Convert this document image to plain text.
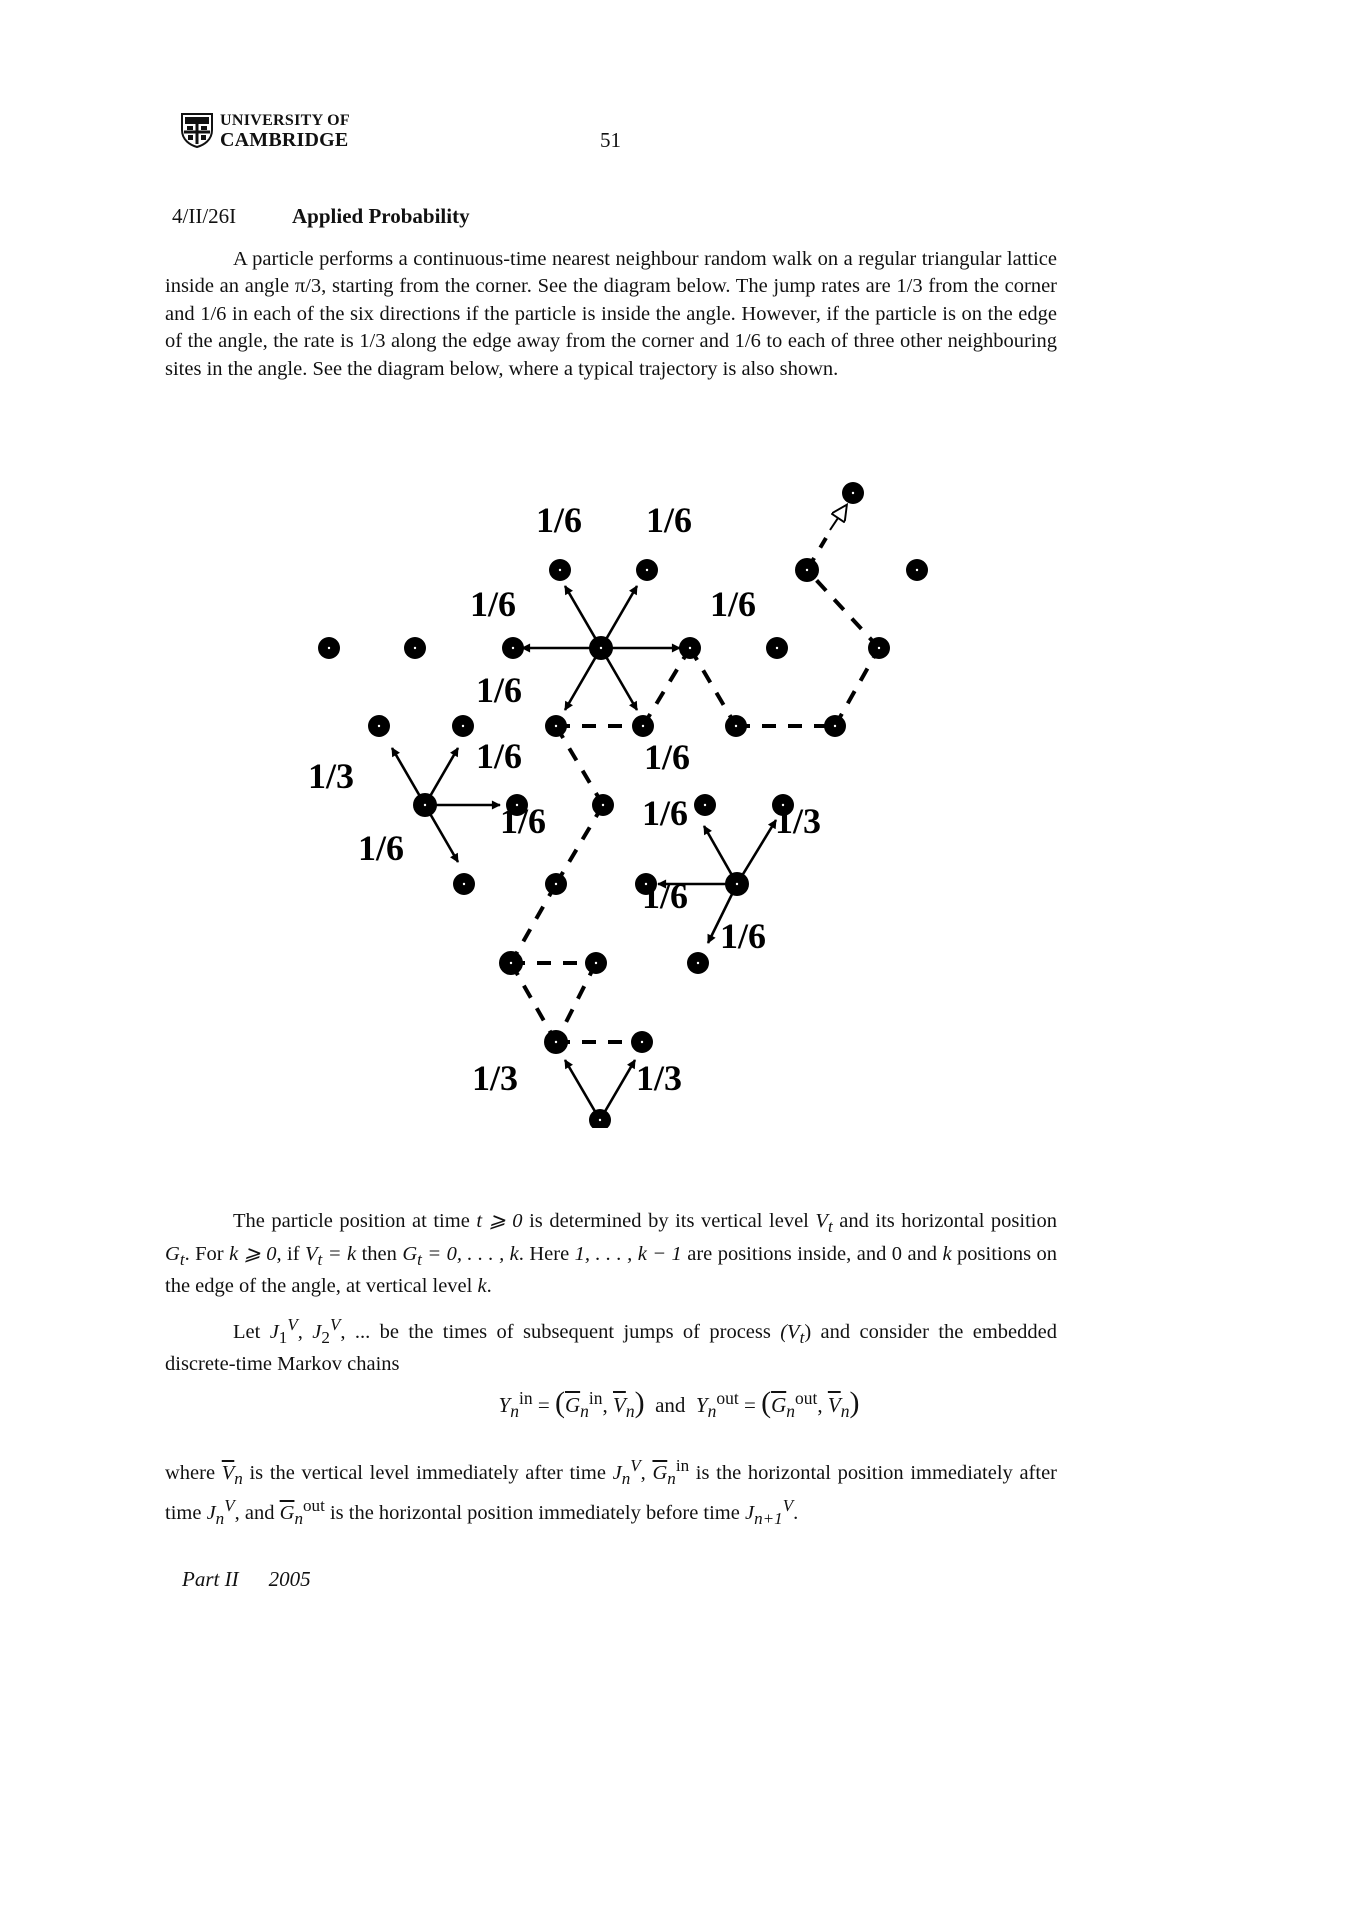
UNIVERSITY OF
CAMBRIDGE	51
4/II/26I	Applied Probability
A particle performs a continuous-time nearest neighbour random walk on a regular triangular lattice inside an angle π/3, starting from the corner. See the diagram below. The jump rates are 1/3 from the corner and 1/6 in each of the six directions if the particle is inside the angle. However, if the particle is on the edge of the angle, the rate is 1/3 along the edge away from the corner and 1/6 to each of three other neighbouring sites in the angle. See the diagram below, where a typical trajectory is also shown.
1/6 1/6
1/6	1/6
1/6
1/6
1/3
1/6
1/6
1/6
1/3
1/6
1/6
1/6
1/3	1/3
The particle position at time t ⩾ 0 is determined by its vertical level $V_t$ and its horizontal position $G_t$. For k ⩾ 0, if $V_t = k$ then $G_t = 0$, . . . , k. Here 1, . . . , k − 1 are positions inside, and 0 and k positions on the edge of the angle, at vertical level k.
Let $J_1^V$, $J_2^V$, ... be the times of subsequent jumps of process $(V_t)$ and consider the embedded discrete-time Markov chains
$Y_n^{in} = (\overline{G}_n^{in}$, $\overline{V}_n$) and $Y_n^{out} = (\overline{G}_n^{out}$, $\overline{V}_n$)
where $\overline{V}_n$ is the vertical level immediately after time $J_n^V$, $\overline{G}_n^{in}$ is the horizontal position immediately after time $J_n^V$, and $\overline{G}_n^{out}$ is the horizontal position immediately before time $J_{n+1}^V$.
Part II 2005
